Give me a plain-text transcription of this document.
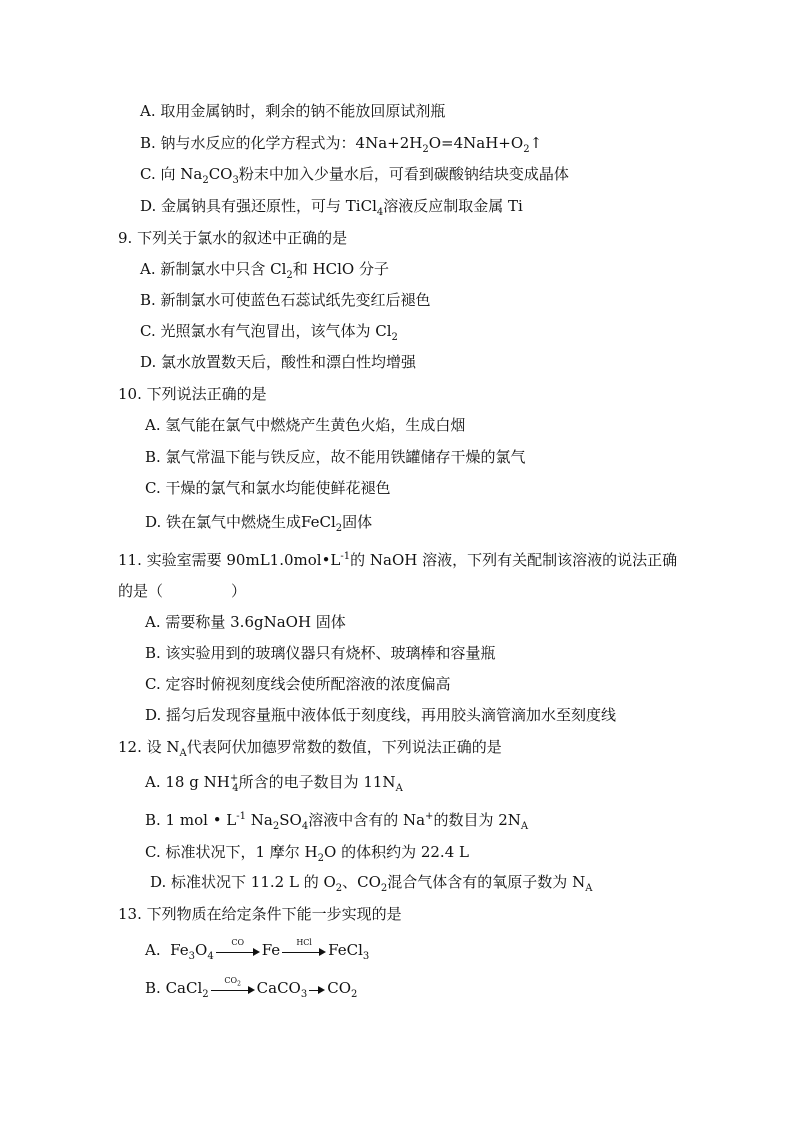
A. 取用金属钠时，剩余的钠不能放回原试剂瓶
B. 钠与水反应的化学方程式为：$4Na+2H_2O=4NaH+O_2↑$
C. 向 $Na_2CO_3$粉末中加入少量水后，可看到碳酸钠结块变成晶体
D. 金属钠具有强还原性，可与 TiCl$_4$溶液反应制取金属 Ti
9. 下列关于氯水的叙述中正确的是
A. 新制氯水中只含 $Cl_2$和 HClO 分子
B. 新制氯水可使蓝色石蕊试纸先变红后褪色
C. 光照氯水有气泡冒出，该气体为 $Cl_2$
D. 氯水放置数天后，酸性和漂白性均增强
10. 下列说法正确的是
A. 氢气能在氯气中燃烧产生黄色火焰，生成白烟
B. 氯气常温下能与铁反应，故不能用铁罐储存干燥的氯气
C. 干燥的氯气和氯水均能使鲜花褪色
D. 铁在氯气中燃烧生成FeCl$_2$固体
11. 实验室需要 $90mL1.0mol•L^{-1}$的 NaOH 溶液，下列有关配制该溶液的说法正确
的是（	）
A. 需要称量 3.6gNaOH 固体
B. 该实验用到的玻璃仪器只有烧杯、玻璃棒和容量瓶
C. 定容时俯视刻度线会使所配溶液的浓度偏高
D. 摇匀后发现容量瓶中液体低于刻度线，再用胶头滴管滴加水至刻度线
12. 设 $N_A$代表阿伏加德罗常数的数值，下列说法正确的是
A. 18 g $NH^+_4$所含的电子数目为 $11N_A$
B. 1 mol • $L^{-1}$ $Na_2SO_4$溶液中含有的 Na+的数目为 $2N_A$
C. 标准状况下，1 摩尔 $H_2O$ 的体积约为 22.4 L
D. 标准状况下 11.2 L 的 $O_2$、$CO_2$混合气体含有的氧原子数为 $N_A$
13. 下列物质在给定条件下能一步实现的是
A. $Fe_3O_4$
CO	Fe	HCl	FeCl$_3$
B. CaCl$_2$
$CO_2$	CaCO$_3$ $CO_2$
